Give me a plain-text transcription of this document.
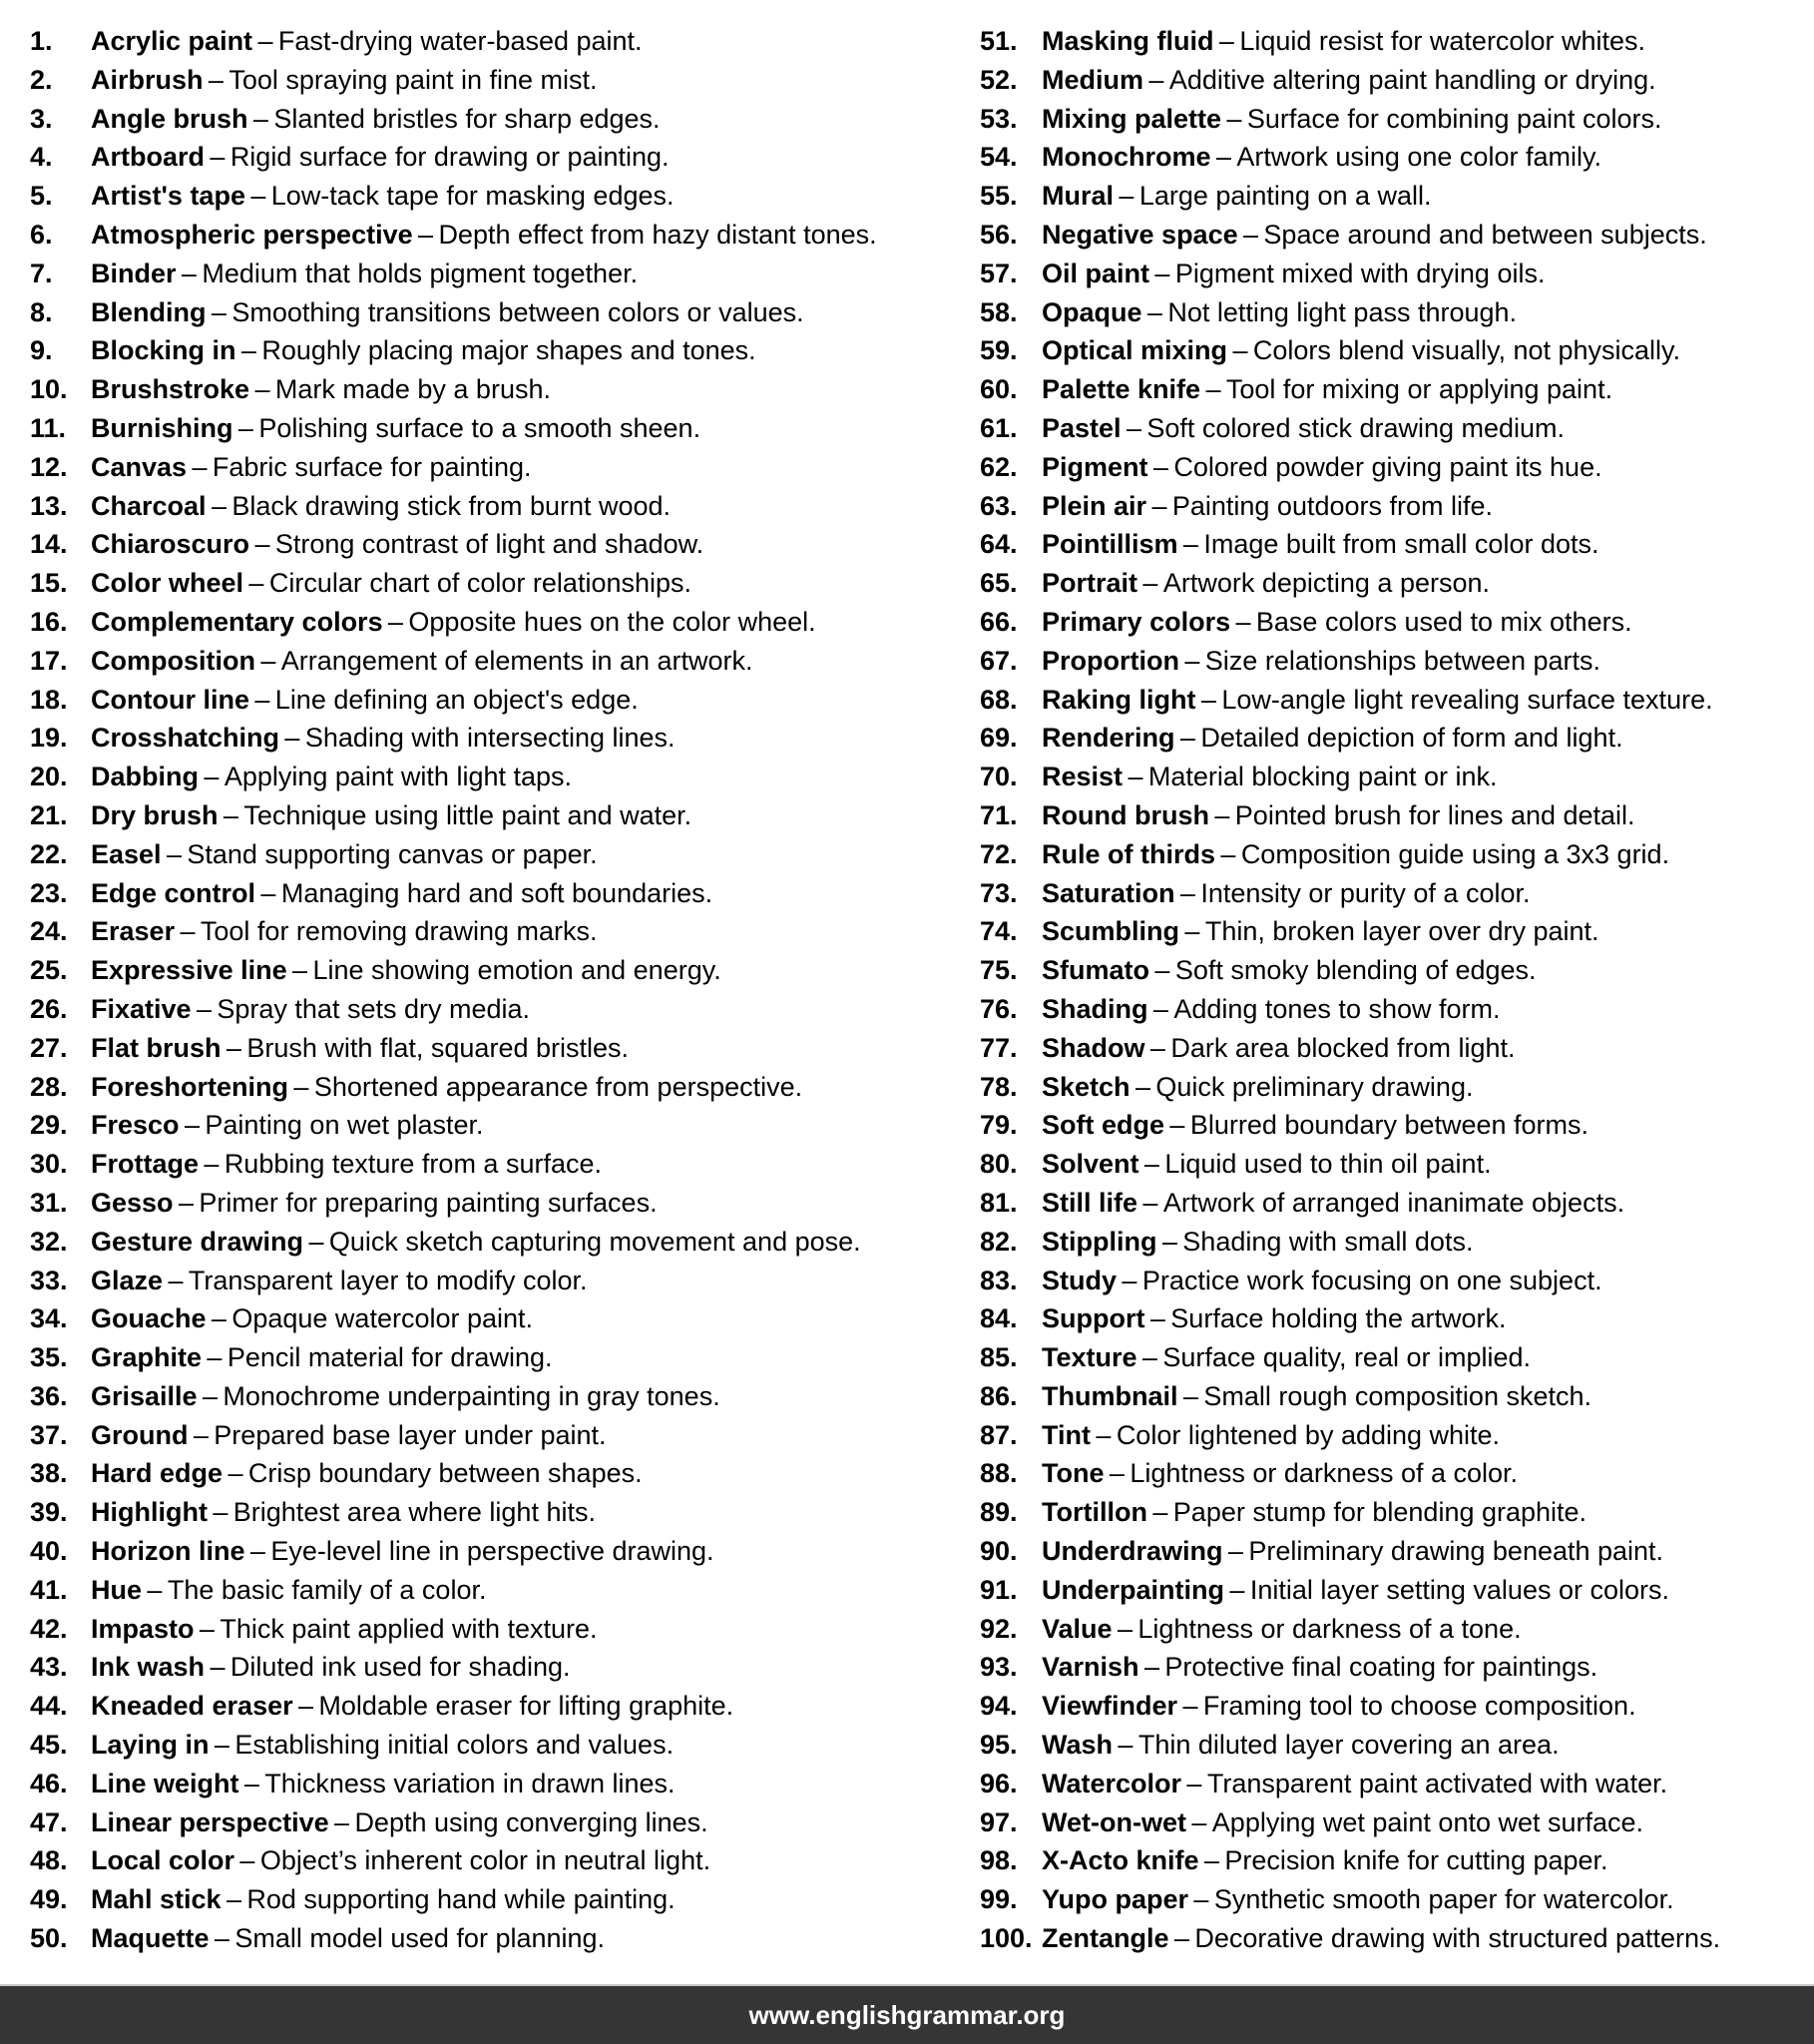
1.	Acrylic paint – Fast-drying water-based paint.
2.	Airbrush – Tool spraying paint in fine mist.
3.	Angle brush – Slanted bristles for sharp edges.
4.	Artboard – Rigid surface for drawing or painting.
5.	Artist's tape – Low-tack tape for masking edges.
6.	Atmospheric perspective – Depth effect from hazy distant tones.
7.	Binder – Medium that holds pigment together.
8.	Blending – Smoothing transitions between colors or values.
9.	Blocking in – Roughly placing major shapes and tones.
10. Brushstroke – Mark made by a brush.
11. Burnishing – Polishing surface to a smooth sheen.
12. Canvas – Fabric surface for painting.
13. Charcoal – Black drawing stick from burnt wood.
14. Chiaroscuro – Strong contrast of light and shadow.
15. Color wheel – Circular chart of color relationships.
16. Complementary colors – Opposite hues on the color wheel.
17. Composition – Arrangement of elements in an artwork.
18. Contour line – Line defining an object's edge.
19. Crosshatching – Shading with intersecting lines.
20. Dabbing – Applying paint with light taps.
21. Dry brush – Technique using little paint and water.
22. Easel – Stand supporting canvas or paper.
23. Edge control – Managing hard and soft boundaries.
24. Eraser – Tool for removing drawing marks.
25. Expressive line – Line showing emotion and energy.
26. Fixative – Spray that sets dry media.
27. Flat brush – Brush with flat, squared bristles.
28. Foreshortening – Shortened appearance from perspective.
29. Fresco – Painting on wet plaster.
30. Frottage – Rubbing texture from a surface.
31. Gesso – Primer for preparing painting surfaces.
32. Gesture drawing – Quick sketch capturing movement and pose.
33. Glaze – Transparent layer to modify color.
34. Gouache – Opaque watercolor paint.
35. Graphite – Pencil material for drawing.
36. Grisaille – Monochrome underpainting in gray tones.
37. Ground – Prepared base layer under paint.
38. Hard edge – Crisp boundary between shapes.
39. Highlight – Brightest area where light hits.
40. Horizon line – Eye-level line in perspective drawing.
41. Hue – The basic family of a color.
42. Impasto – Thick paint applied with texture.
43. Ink wash – Diluted ink used for shading.
44. Kneaded eraser – Moldable eraser for lifting graphite.
45. Laying in – Establishing initial colors and values.
46. Line weight – Thickness variation in drawn lines.
47. Linear perspective – Depth using converging lines.
48. Local color – Object’s inherent color in neutral light.
49. Mahl stick – Rod supporting hand while painting.
50. Maquette – Small model used for planning.
51. Masking fluid – Liquid resist for watercolor whites.
52. Medium – Additive altering paint handling or drying.
53. Mixing palette – Surface for combining paint colors.
54. Monochrome – Artwork using one color family.
55. Mural – Large painting on a wall.
56. Negative space – Space around and between subjects.
57. Oil paint – Pigment mixed with drying oils.
58. Opaque – Not letting light pass through.
59. Optical mixing – Colors blend visually, not physically.
60. Palette knife – Tool for mixing or applying paint.
61. Pastel – Soft colored stick drawing medium.
62. Pigment – Colored powder giving paint its hue.
63. Plein air – Painting outdoors from life.
64. Pointillism – Image built from small color dots.
65. Portrait – Artwork depicting a person.
66. Primary colors – Base colors used to mix others.
67. Proportion – Size relationships between parts.
68. Raking light – Low-angle light revealing surface texture.
69. Rendering – Detailed depiction of form and light.
70. Resist – Material blocking paint or ink.
71. Round brush – Pointed brush for lines and detail.
72. Rule of thirds – Composition guide using a 3x3 grid.
73. Saturation – Intensity or purity of a color.
74. Scumbling – Thin, broken layer over dry paint.
75. Sfumato – Soft smoky blending of edges.
76. Shading – Adding tones to show form.
77. Shadow – Dark area blocked from light.
78. Sketch – Quick preliminary drawing.
79. Soft edge – Blurred boundary between forms.
80. Solvent – Liquid used to thin oil paint.
81. Still life – Artwork of arranged inanimate objects.
82. Stippling – Shading with small dots.
83. Study – Practice work focusing on one subject.
84. Support – Surface holding the artwork.
85. Texture – Surface quality, real or implied.
86. Thumbnail – Small rough composition sketch.
87. Tint – Color lightened by adding white.
88. Tone – Lightness or darkness of a color.
89. Tortillon – Paper stump for blending graphite.
90. Underdrawing – Preliminary drawing beneath paint.
91. Underpainting – Initial layer setting values or colors.
92. Value – Lightness or darkness of a tone.
93. Varnish – Protective final coating for paintings.
94. Viewfinder – Framing tool to choose composition.
95. Wash – Thin diluted layer covering an area.
96. Watercolor – Transparent paint activated with water.
97. Wet-on-wet – Applying wet paint onto wet surface.
98. X-Acto knife – Precision knife for cutting paper.
99. Yupo paper – Synthetic smooth paper for watercolor.
100. Zentangle – Decorative drawing with structured patterns.
www.englishgrammar.org
